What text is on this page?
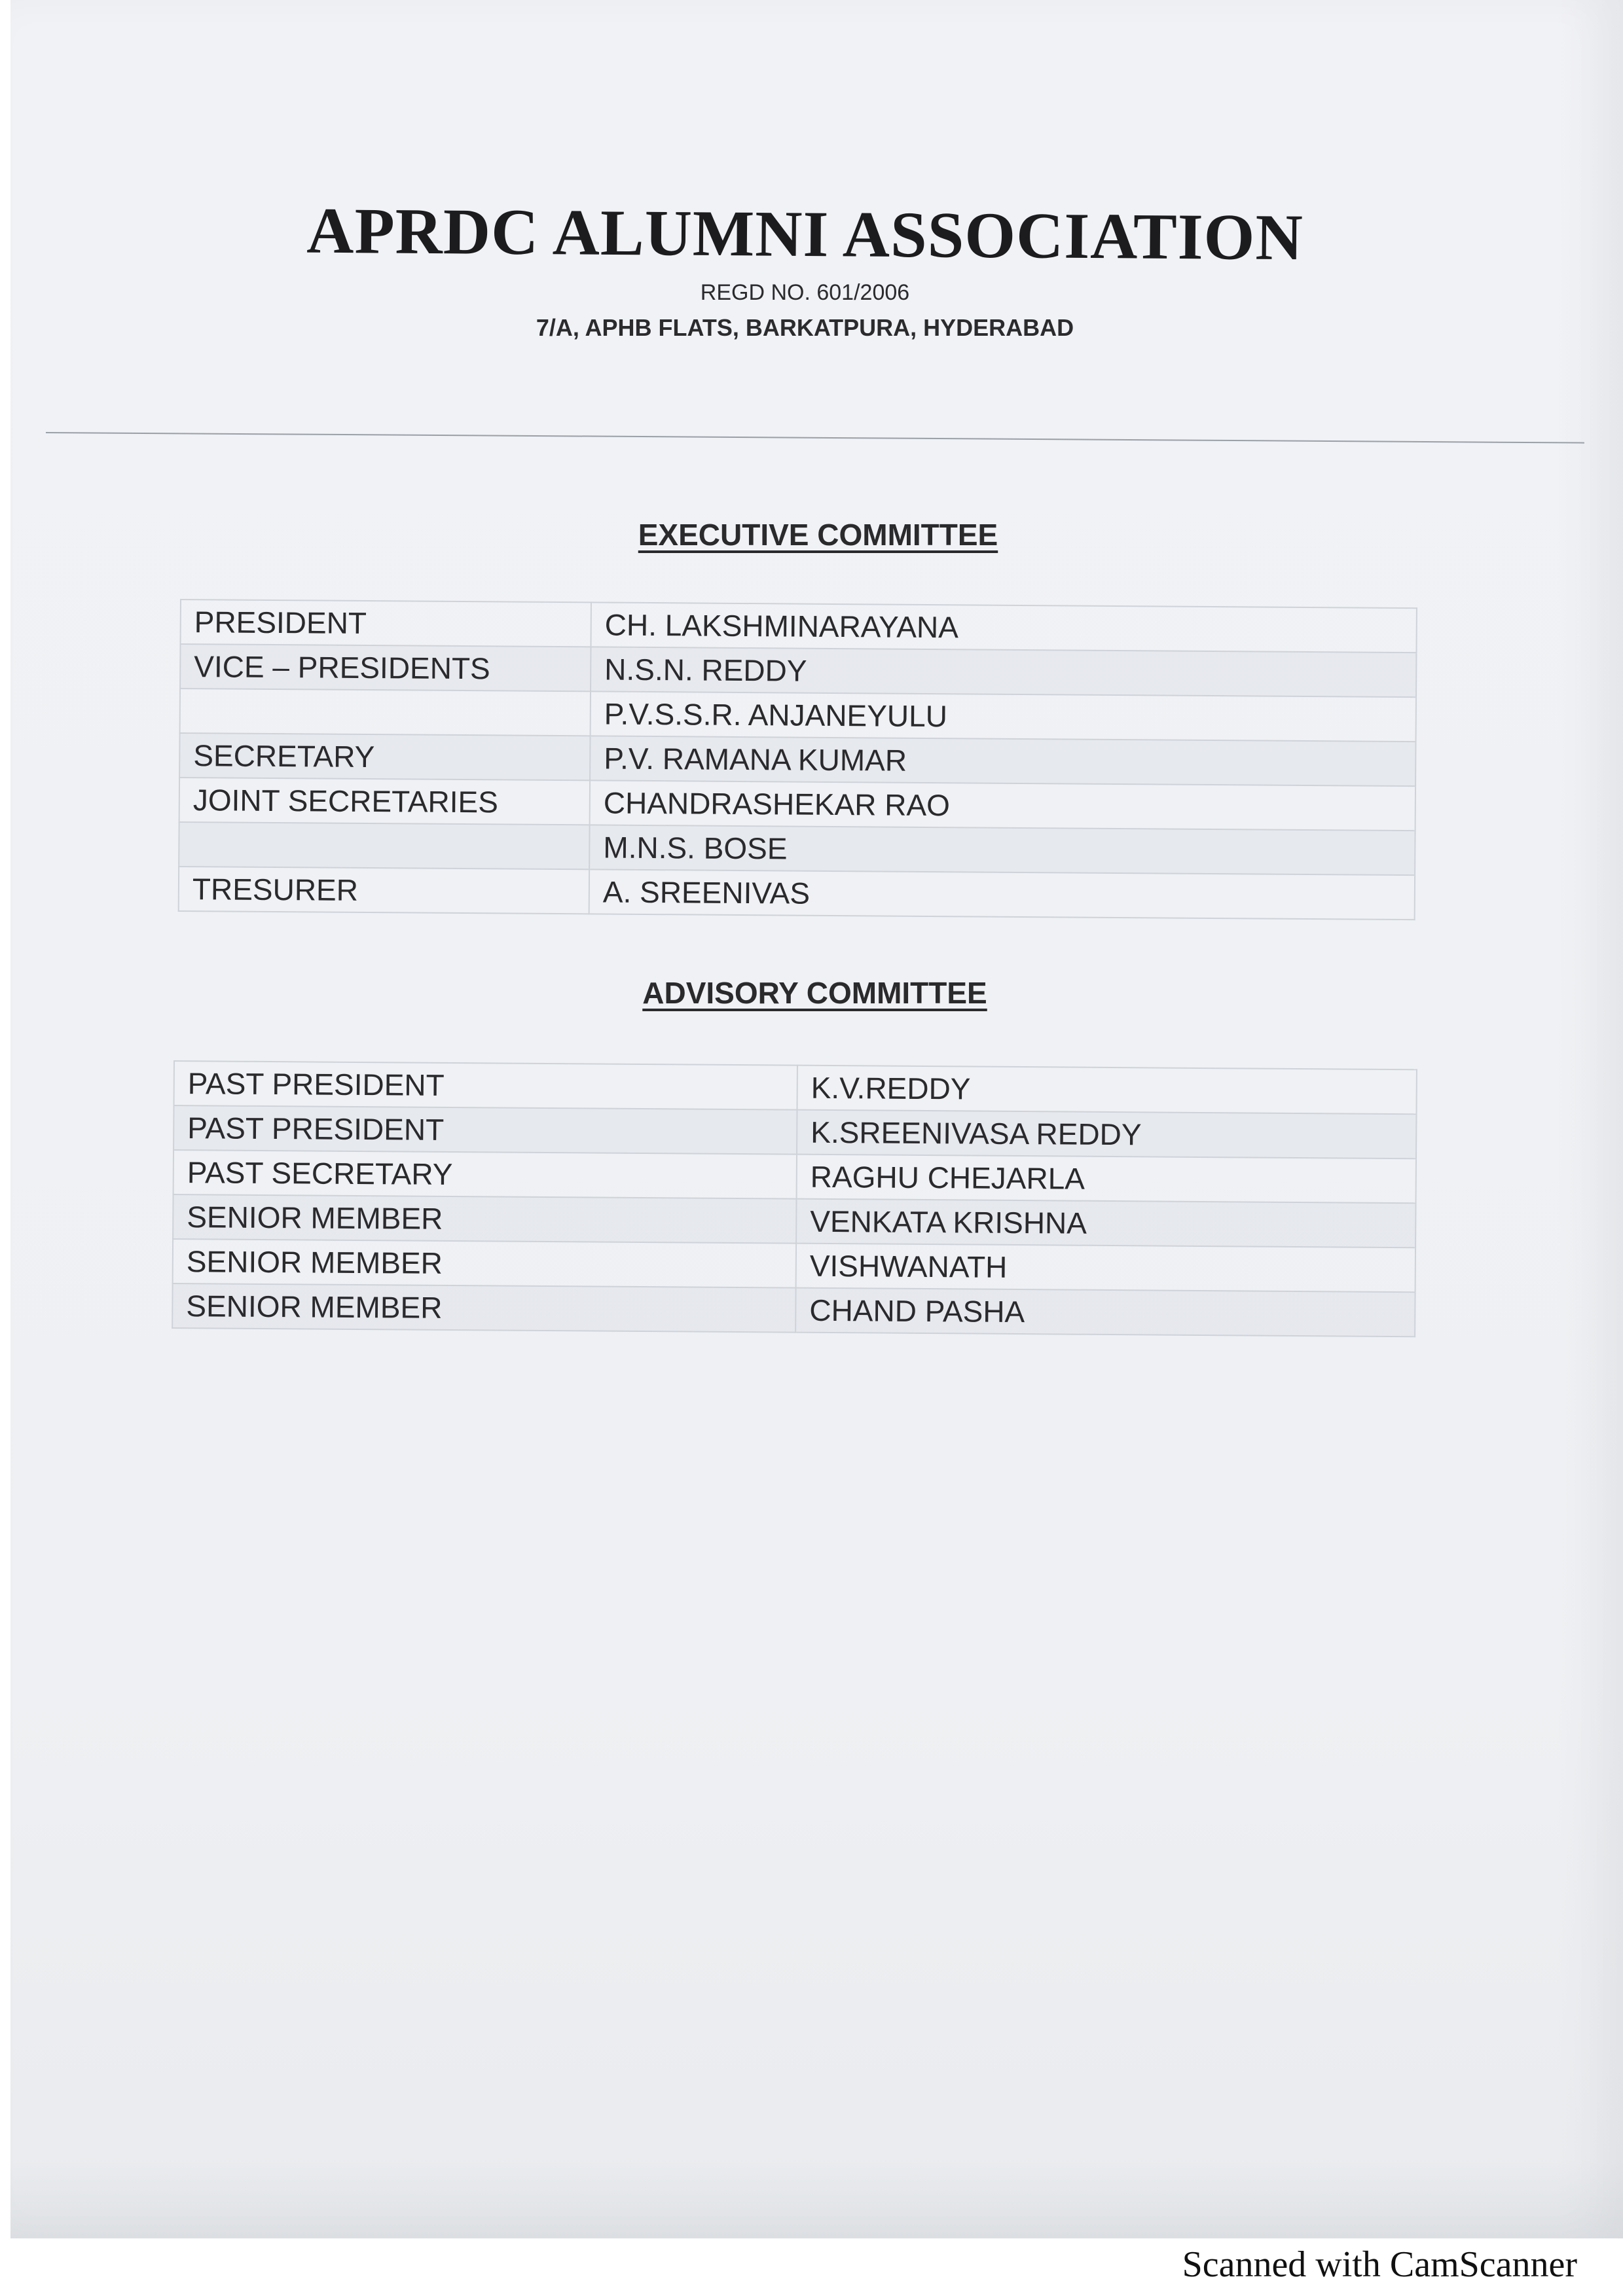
APRDC ALUMNI ASSOCIATION
REGD NO. 601/2006
7/A, APHB FLATS, BARKATPURA, HYDERABAD
EXECUTIVE COMMITTEE
PRESIDENT	CH. LAKSHMINARAYANA
VICE – PRESIDENTS	N.S.N. REDDY
	P.V.S.S.R. ANJANEYULU
SECRETARY	P.V. RAMANA KUMAR
JOINT SECRETARIES	CHANDRASHEKAR RAO
	M.N.S. BOSE
TRESURER	A. SREENIVAS
ADVISORY COMMITTEE
PAST PRESIDENT	K.V.REDDY
PAST PRESIDENT	K.SREENIVASA REDDY
PAST SECRETARY	RAGHU CHEJARLA
SENIOR MEMBER	VENKATA KRISHNA
SENIOR MEMBER	VISHWANATH
SENIOR MEMBER	CHAND PASHA
Scanned with CamScanner
